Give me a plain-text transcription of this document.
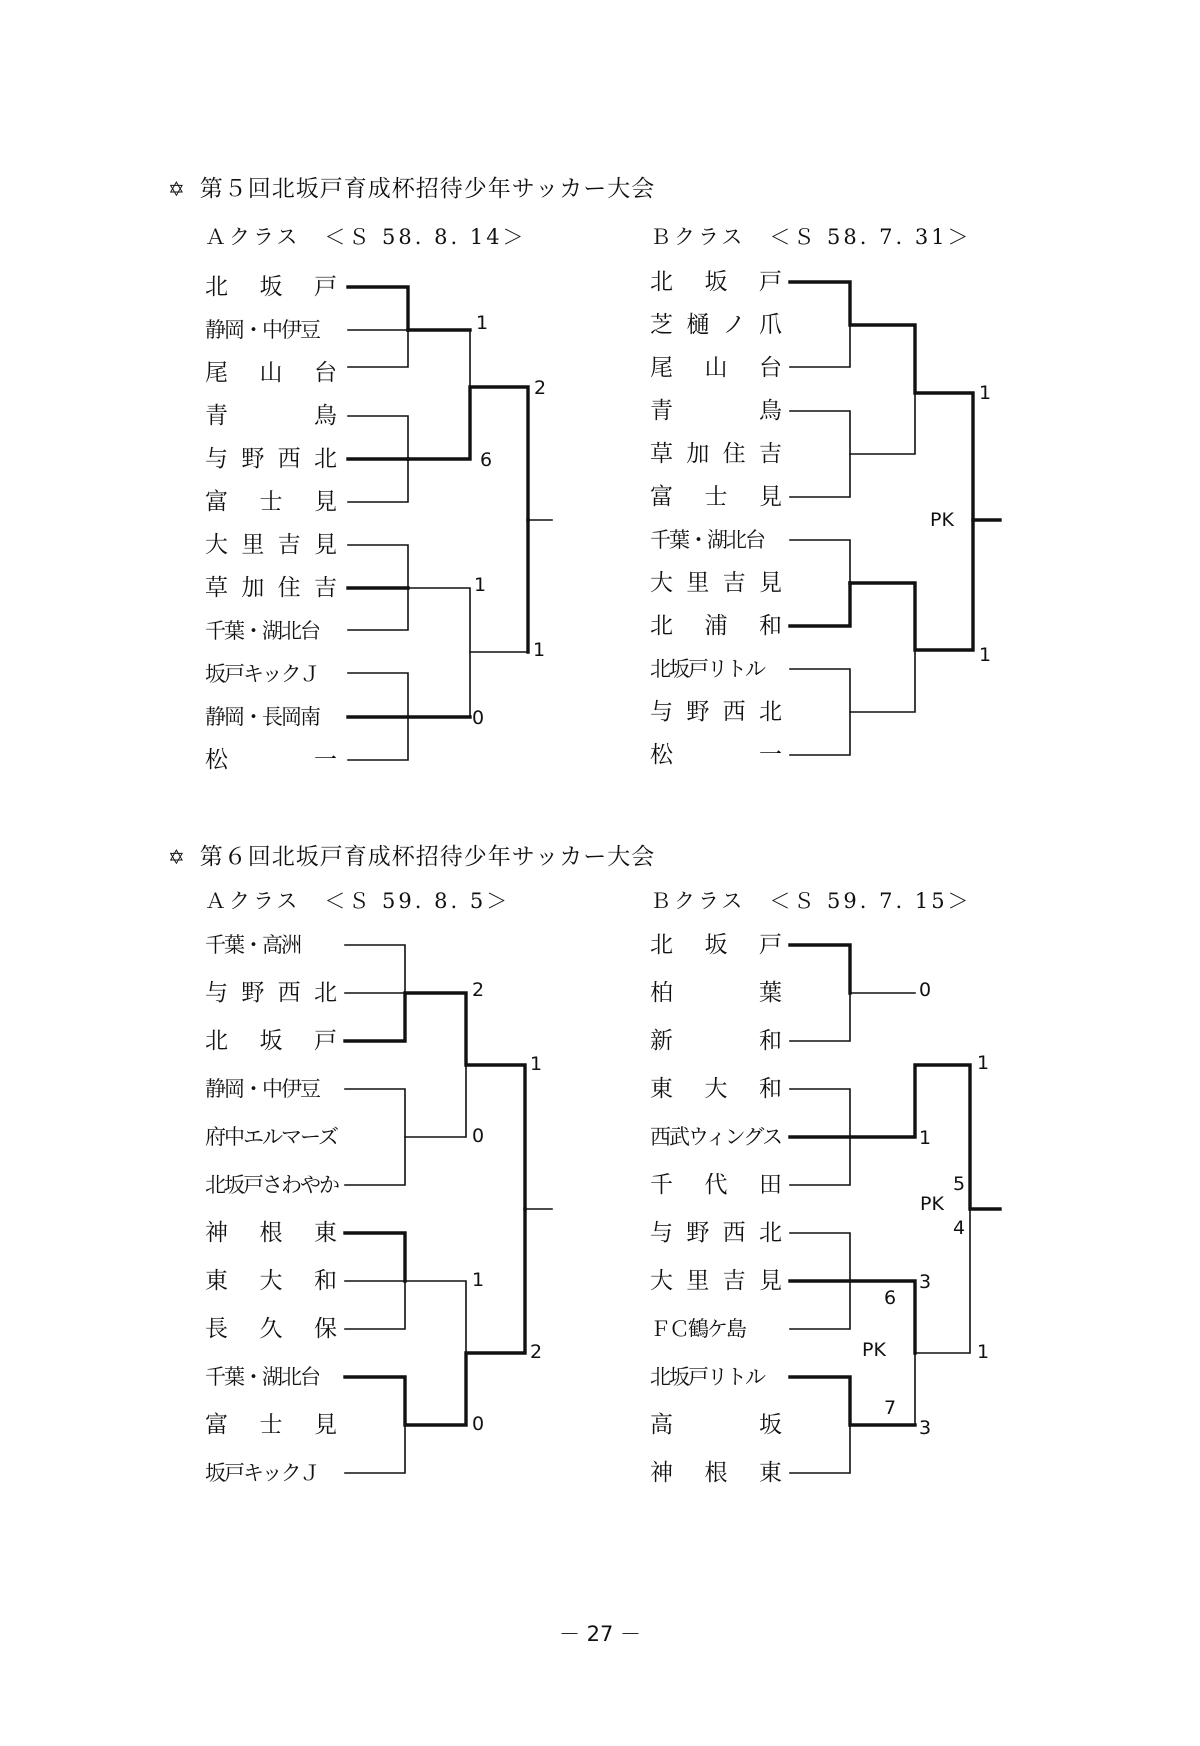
✡ 第５回北坂戸育成杯招待少年サッカー大会
Ａクラス　＜Ｓ 58. 8. 14＞	Ｂクラス　＜Ｓ 58. 7. 31＞
北　坂　戸
静岡・中伊豆
尾　山　台
青　　　鳥
与 野 西 北
富　士　見
大 里 吉 見
草 加 住 吉
千葉・湖北台
坂戸キックＪ
静岡・長岡南
松　　　一
北　坂　戸
芝 樋 ノ 爪
尾　山　台
青　　　鳥
草 加 住 吉
富　士　見
千葉・湖北台
大 里 吉 見
北　浦　和
北坂戸リトル
与 野 西 北
松　　　一
✡ 第６回北坂戸育成杯招待少年サッカー大会
Ａクラス　＜Ｓ 59. 8. 5＞	Ｂクラス　＜Ｓ 59. 7. 15＞
千葉・高洲
与 野 西 北
北　坂　戸
静岡・中伊豆
府中エルマーズ
北坂戸さわやか
神　根　東
東　大　和
長　久　保
千葉・湖北台
富　士　見
坂戸キックＪ
北　坂　戸
柏　　　葉
新　　　和
東　大　和
西武ウィングス
千　代　田
与 野 西 北
大 里 吉 見
ＦＣ鶴ケ島
北坂戸リトル
高　　　坂
神　根　東
1
6
2
1
0
1
1
PK
1
2
0
1
1
0
2
0
1
1
5
PK
4
3
6
PK	1
7
3
－ 27 －
